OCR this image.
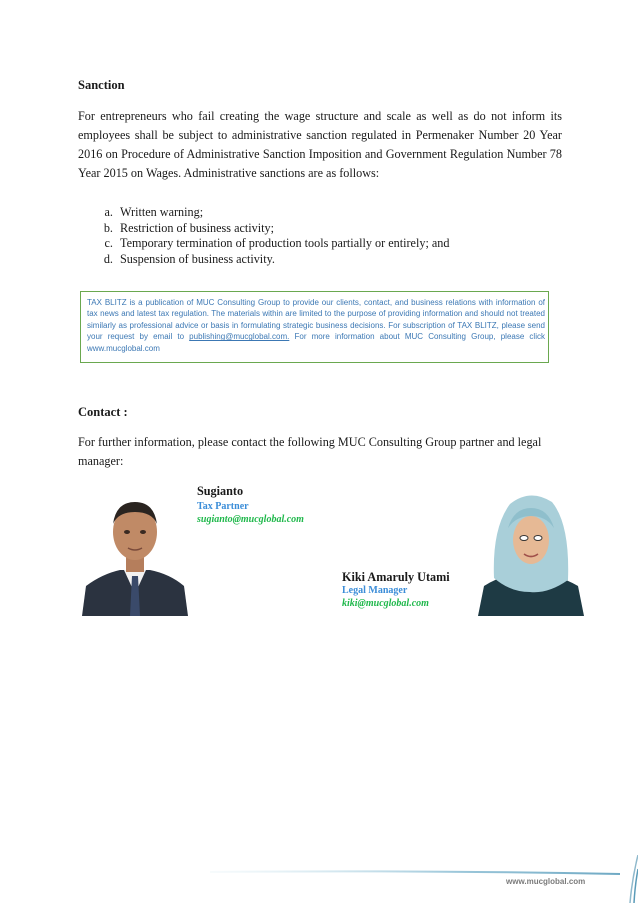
Sanction
For entrepreneurs who fail creating the wage structure and scale as well as do not inform its employees shall be subject to administrative sanction regulated in Permenaker Number 20 Year 2016 on Procedure of Administrative Sanction Imposition and Government Regulation Number 78 Year 2015 on Wages. Administrative sanctions are as follows:
a. Written warning;
b. Restriction of business activity;
c. Temporary termination of production tools partially or entirely; and
d. Suspension of business activity.
TAX BLITZ is a publication of MUC Consulting Group to provide our clients, contact, and business relations with information of tax news and latest tax regulation. The materials within are limited to the purpose of providing information and should not treated similarly as professional advice or basis in formulating strategic business decisions. For subscription of TAX BLITZ, please send your request by email to publishing@mucglobal.com. For more information about MUC Consulting Group, please click www.mucglobal.com
Contact :
For further information, please contact the following MUC Consulting Group partner and legal manager:
Sugianto
Tax Partner
sugianto@mucglobal.com
Kiki Amaruly Utami
Legal Manager
kiki@mucglobal.com
www.mucglobal.com
